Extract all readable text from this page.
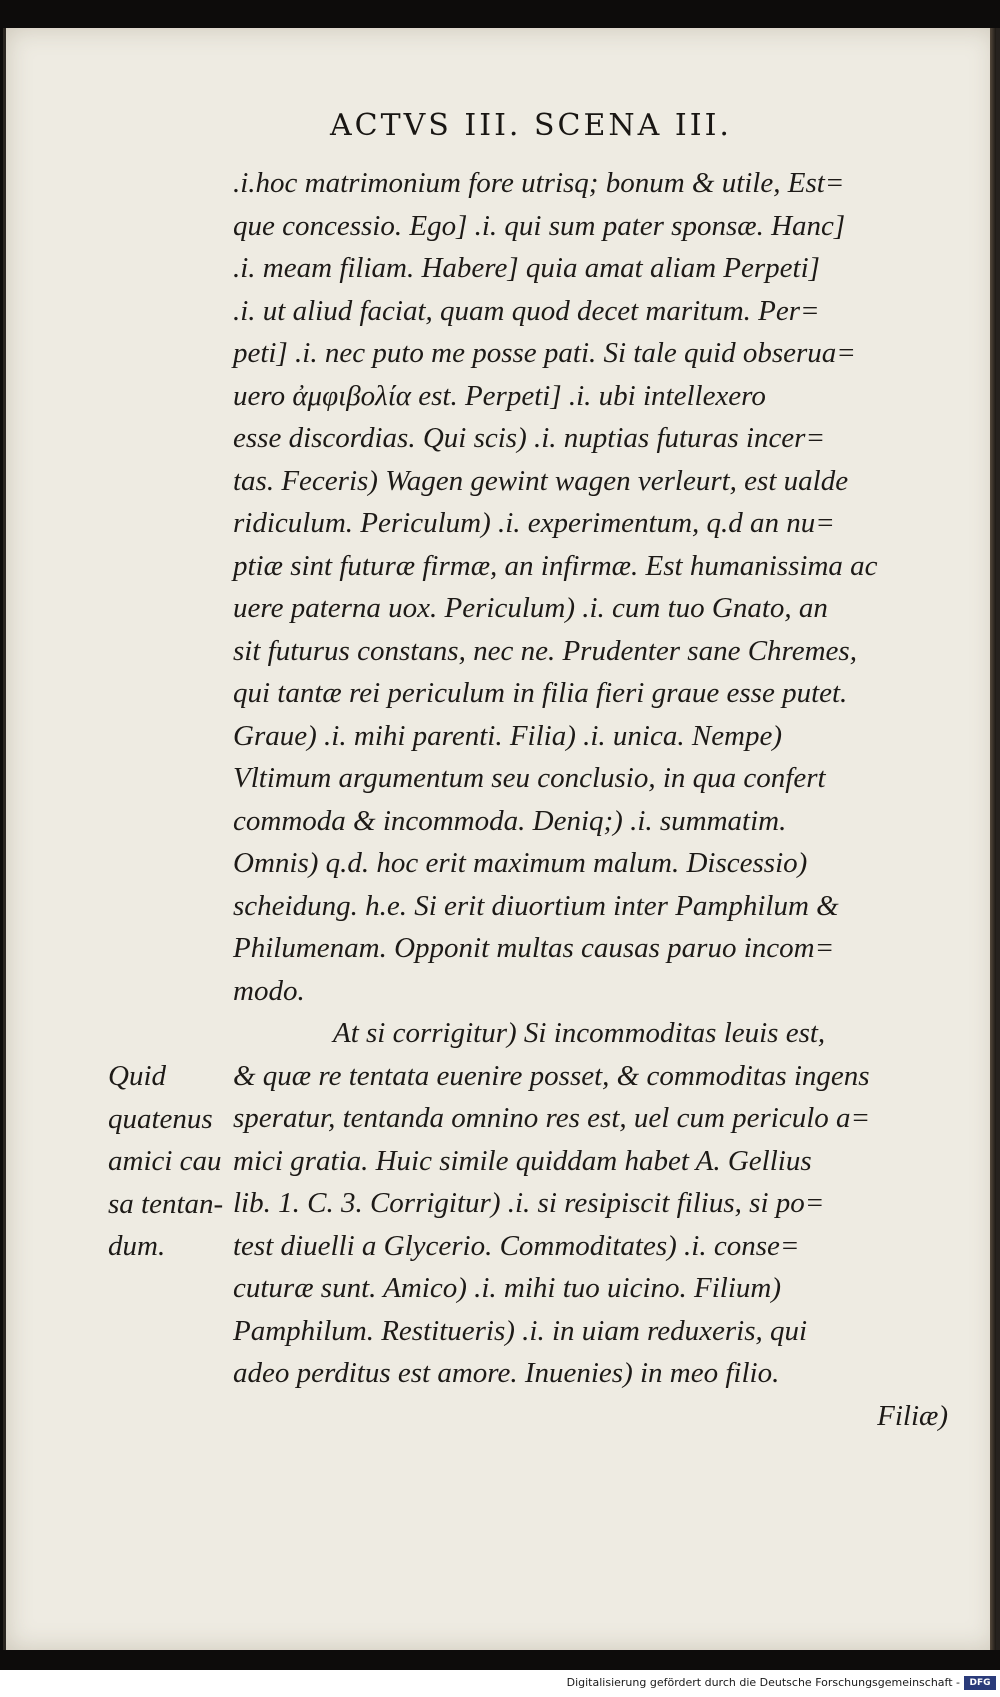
ACTVS III. SCENA III.
.i.hoc matrimonium fore utrisq; bonum & utile, Est=
que concessio. Ego] .i. qui sum pater sponsæ. Hanc]
.i. meam filiam. Habere] quia amat aliam Perpeti]
.i. ut aliud faciat, quam quod decet maritum. Per=
peti] .i. nec puto me posse pati. Si tale quid obserua=
uero ἀμφιβολία est. Perpeti] .i. ubi intellexero
esse discordias. Qui scis) .i. nuptias futuras incer=
tas. Feceris) Wagen gewint wagen verleurt, est ualde
ridiculum. Periculum) .i. experimentum, q.d an nu=
ptiæ sint futuræ firmæ, an infirmæ. Est humanissima ac
uere paterna uox. Periculum) .i. cum tuo Gnato, an
sit futurus constans, nec ne. Prudenter sane Chremes,
qui tantæ rei periculum in filia fieri graue esse putet.
Graue) .i. mihi parenti. Filia) .i. unica. Nempe)
Vltimum argumentum seu conclusio, in qua confert
commoda & incommoda. Deniq;) .i. summatim.
Omnis) q.d. hoc erit maximum malum. Discessio)
scheidung. h.e. Si erit diuortium inter Pamphilum &
Philumenam. Opponit multas causas paruo incom=
modo.
At si corrigitur) Si incommoditas leuis est,
& quæ re tentata euenire posset, & commoditas ingens
speratur, tentanda omnino res est, uel cum periculo a=
mici gratia. Huic simile quiddam habet A. Gellius
lib. 1. C. 3. Corrigitur) .i. si resipiscit filius, si po=
test diuelli a Glycerio. Commoditates) .i. conse=
cuturæ sunt. Amico) .i. mihi tuo uicino. Filium)
Pamphilum. Restitueris) .i. in uiam reduxeris, qui
adeo perditus est amore. Inuenies) in meo filio.
Filiæ)
Quid
quatenus
amici cau
sa tentan-
dum.
Digitalisierung gefördert durch die Deutsche Forschungsgemeinschaft -	DFG
